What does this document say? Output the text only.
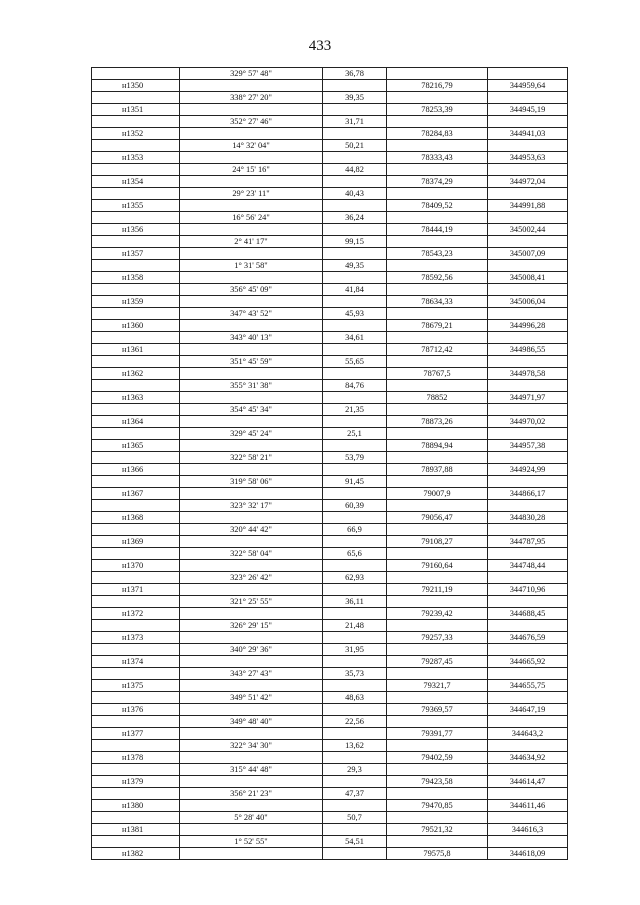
433
	329° 57' 48"	36,78		
н1350			78216,79	344959,64
	338° 27' 20"	39,35		
н1351			78253,39	344945,19
	352° 27' 46"	31,71		
н1352			78284,83	344941,03
	14° 32' 04"	50,21		
н1353			78333,43	344953,63
	24° 15' 16"	44,82		
н1354			78374,29	344972,04
	29° 23' 11"	40,43		
н1355			78409,52	344991,88
	16° 56' 24"	36,24		
н1356			78444,19	345002,44
	2° 41' 17"	99,15		
н1357			78543,23	345007,09
	1° 31' 58"	49,35		
н1358			78592,56	345008,41
	356° 45' 09"	41,84		
н1359			78634,33	345006,04
	347° 43' 52"	45,93		
н1360			78679,21	344996,28
	343° 40' 13"	34,61		
н1361			78712,42	344986,55
	351° 45' 59"	55,65		
н1362			78767,5	344978,58
	355° 31' 38"	84,76		
н1363			78852	344971,97
	354° 45' 34"	21,35		
н1364			78873,26	344970,02
	329° 45' 24"	25,1		
н1365			78894,94	344957,38
	322° 58' 21"	53,79		
н1366			78937,88	344924,99
	319° 58' 06"	91,45		
н1367			79007,9	344866,17
	323° 32' 17"	60,39		
н1368			79056,47	344830,28
	320° 44' 42"	66,9		
н1369			79108,27	344787,95
	322° 58' 04"	65,6		
н1370			79160,64	344748,44
	323° 26' 42"	62,93		
н1371			79211,19	344710,96
	321° 25' 55"	36,11		
н1372			79239,42	344688,45
	326° 29' 15"	21,48		
н1373			79257,33	344676,59
	340° 29' 36"	31,95		
н1374			79287,45	344665,92
	343° 27' 43"	35,73		
н1375			79321,7	344655,75
	349° 51' 42"	48,63		
н1376			79369,57	344647,19
	349° 48' 40"	22,56		
н1377			79391,77	344643,2
	322° 34' 30"	13,62		
н1378			79402,59	344634,92
	315° 44' 48"	29,3		
н1379			79423,58	344614,47
	356° 21' 23"	47,37		
н1380			79470,85	344611,46
	5° 28' 40"	50,7		
н1381			79521,32	344616,3
	1° 52' 55"	54,51		
н1382			79575,8	344618,09
